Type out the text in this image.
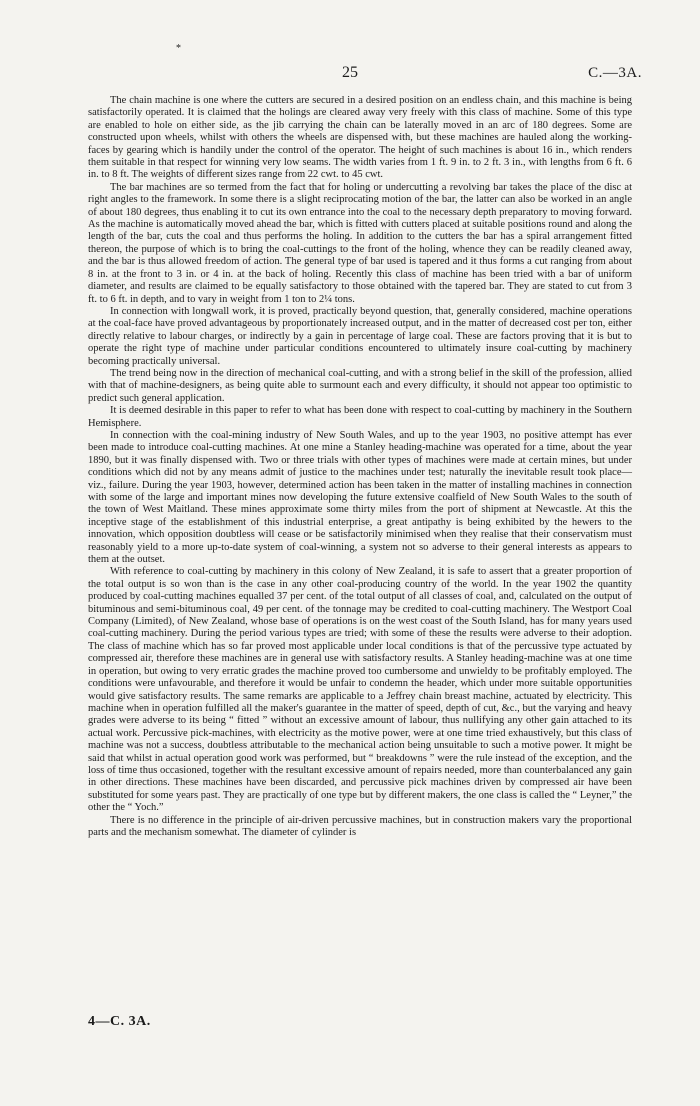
*
25	C.—3A.

The chain machine is one where the cutters are secured in a desired position on an endless chain, and this machine is being satisfactorily operated. It is claimed that the holings are cleared away very freely with this class of machine. Some of this type are enabled to hole on either side, as the jib carrying the chain can be laterally moved in an arc of 180 degrees. Some are constructed upon wheels, whilst with others the wheels are dispensed with, but these machines are hauled along the working-faces by gearing which is handily under the control of the operator. The height of such machines is about 16 in., which renders them suitable in that respect for winning very low seams. The width varies from 1 ft. 9 in. to 2 ft. 3 in., with lengths from 6 ft. 6 in. to 8 ft. The weights of different sizes range from 22 cwt. to 45 cwt.

The bar machines are so termed from the fact that for holing or undercutting a revolving bar takes the place of the disc at right angles to the framework. In some there is a slight reciprocating motion of the bar, the latter can also be worked in an angle of about 180 degrees, thus enabling it to cut its own entrance into the coal to the necessary depth preparatory to moving forward. As the machine is automatically moved ahead the bar, which is fitted with cutters placed at suitable positions round and along the length of the bar, cuts the coal and thus performs the holing. In addition to the cutters the bar has a spiral arrangement fitted thereon, the purpose of which is to bring the coal-cuttings to the front of the holing, whence they can be readily cleaned away, and the bar is thus allowed freedom of action. The general type of bar used is tapered and it thus forms a cut ranging from about 8 in. at the front to 3 in. or 4 in. at the back of holing. Recently this class of machine has been tried with a bar of uniform diameter, and results are claimed to be equally satisfactory to those obtained with the tapered bar. They are stated to cut from 3 ft. to 6 ft. in depth, and to vary in weight from 1 ton to 2¼ tons.

In connection with longwall work, it is proved, practically beyond question, that, generally considered, machine operations at the coal-face have proved advantageous by proportionately increased output, and in the matter of decreased cost per ton, either directly relative to labour charges, or indirectly by a gain in percentage of large coal. These are factors proving that it is but to operate the right type of machine under particular conditions encountered to ultimately insure coal-cutting by machinery becoming practically universal.

The trend being now in the direction of mechanical coal-cutting, and with a strong belief in the skill of the profession, allied with that of machine-designers, as being quite able to surmount each and every difficulty, it should not appear too optimistic to predict such general application.

It is deemed desirable in this paper to refer to what has been done with respect to coal-cutting by machinery in the Southern Hemisphere.

In connection with the coal-mining industry of New South Wales, and up to the year 1903, no positive attempt has ever been made to introduce coal-cutting machines. At one mine a Stanley heading-machine was operated for a time, about the year 1890, but it was finally dispensed with. Two or three trials with other types of machines were made at certain mines, but under conditions which did not by any means admit of justice to the machines under test; naturally the inevitable result took place—viz., failure. During the year 1903, however, determined action has been taken in the matter of installing machines in connection with some of the large and important mines now developing the future extensive coalfield of New South Wales to the south of the town of West Maitland. These mines approximate some thirty miles from the port of shipment at Newcastle. At this the inceptive stage of the establishment of this industrial enterprise, a great antipathy is being exhibited by the hewers to the innovation, which opposition doubtless will cease or be satisfactorily minimised when they realise that their conservatism must reasonably yield to a more up-to-date system of coal-winning, a system not so adverse to their general interests as appears to them at the outset.

With reference to coal-cutting by machinery in this colony of New Zealand, it is safe to assert that a greater proportion of the total output is so won than is the case in any other coal-producing country of the world. In the year 1902 the quantity produced by coal-cutting machines equalled 37 per cent. of the total output of all classes of coal, and, calculated on the output of bituminous and semi-bituminous coal, 49 per cent. of the tonnage may be credited to coal-cutting machinery. The Westport Coal Company (Limited), of New Zealand, whose base of operations is on the west coast of the South Island, has for many years used coal-cutting machinery. During the period various types are tried; with some of these the results were adverse to their adoption. The class of machine which has so far proved most applicable under local conditions is that of the percussive type actuated by compressed air, therefore these machines are in general use with satisfactory results. A Stanley heading-machine was at one time in operation, but owing to very erratic grades the machine proved too cumbersome and unwieldy to be profitably employed. The conditions were unfavourable, and therefore it would be unfair to condemn the header, which under more suitable opportunities would give satisfactory results. The same remarks are applicable to a Jeffrey chain breast machine, actuated by electricity. This machine when in operation fulfilled all the maker's guarantee in the matter of speed, depth of cut, &c., but the varying and heavy grades were adverse to its being “ fitted ” without an excessive amount of labour, thus nullifying any other gain attached to its actual work. Percussive pick-machines, with electricity as the motive power, were at one time tried exhaustively, but this class of machine was not a success, doubtless attributable to the mechanical action being unsuitable to such a motive power. It might be said that whilst in actual operation good work was performed, but “ breakdowns ” were the rule instead of the exception, and the loss of time thus occasioned, together with the resultant excessive amount of repairs needed, more than counterbalanced any gain in other directions. These machines have been discarded, and percussive pick machines driven by compressed air have been substituted for some years past. They are practically of one type but by different makers, the one class is called the “ Leyner,” the other the “ Yoch.”

There is no difference in the principle of air-driven percussive machines, but in construction makers vary the proportional parts and the mechanism somewhat. The diameter of cylinder is

4—C. 3A.
